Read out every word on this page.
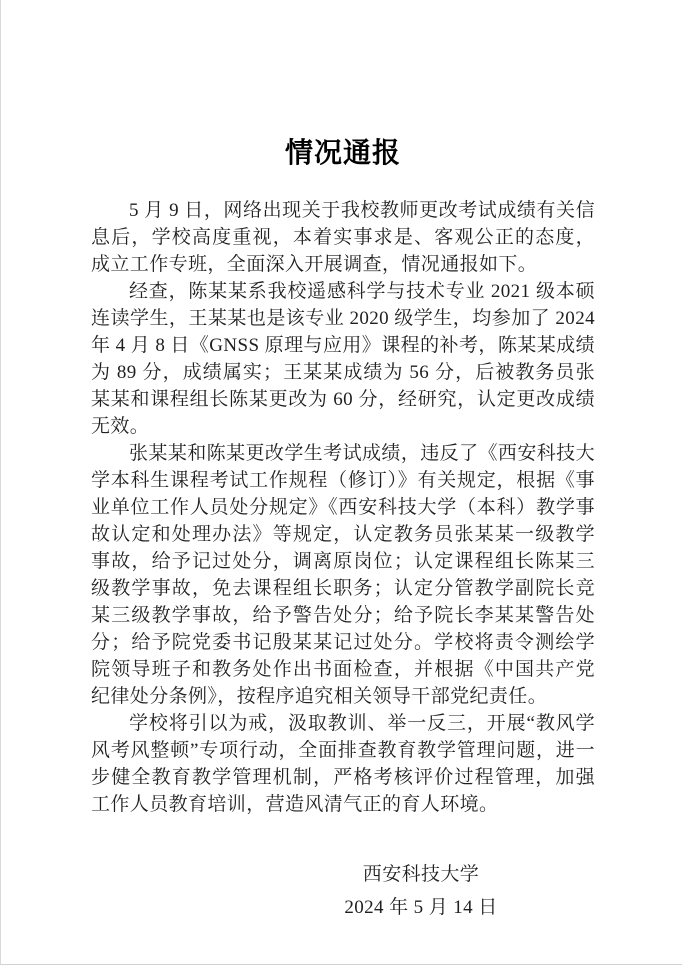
情况通报

5 月 9 日，网络出现关于我校教师更改考试成绩有关信息后，学校高度重视，本着实事求是、客观公正的态度，成立工作专班，全面深入开展调查，情况通报如下。

经查，陈某某系我校遥感科学与技术专业 2021 级本硕连读学生，王某某也是该专业 2020 级学生，均参加了 2024 年 4 月 8 日《GNSS 原理与应用》课程的补考，陈某某成绩为 89 分，成绩属实；王某某成绩为 56 分，后被教务员张某某和课程组长陈某更改为 60 分，经研究，认定更改成绩无效。

张某某和陈某更改学生考试成绩，违反了《西安科技大学本科生课程考试工作规程（修订）》有关规定，根据《事业单位工作人员处分规定》《西安科技大学（本科）教学事故认定和处理办法》等规定，认定教务员张某某一级教学事故，给予记过处分，调离原岗位；认定课程组长陈某三级教学事故，免去课程组长职务；认定分管教学副院长竞某三级教学事故，给予警告处分；给予院长李某某警告处分；给予院党委书记殷某某记过处分。学校将责令测绘学院领导班子和教务处作出书面检查，并根据《中国共产党纪律处分条例》，按程序追究相关领导干部党纪责任。

学校将引以为戒，汲取教训、举一反三，开展“教风学风考风整顿”专项行动，全面排查教育教学管理问题，进一步健全教育教学管理机制，严格考核评价过程管理，加强工作人员教育培训，营造风清气正的育人环境。

西安科技大学
2024 年 5 月 14 日
